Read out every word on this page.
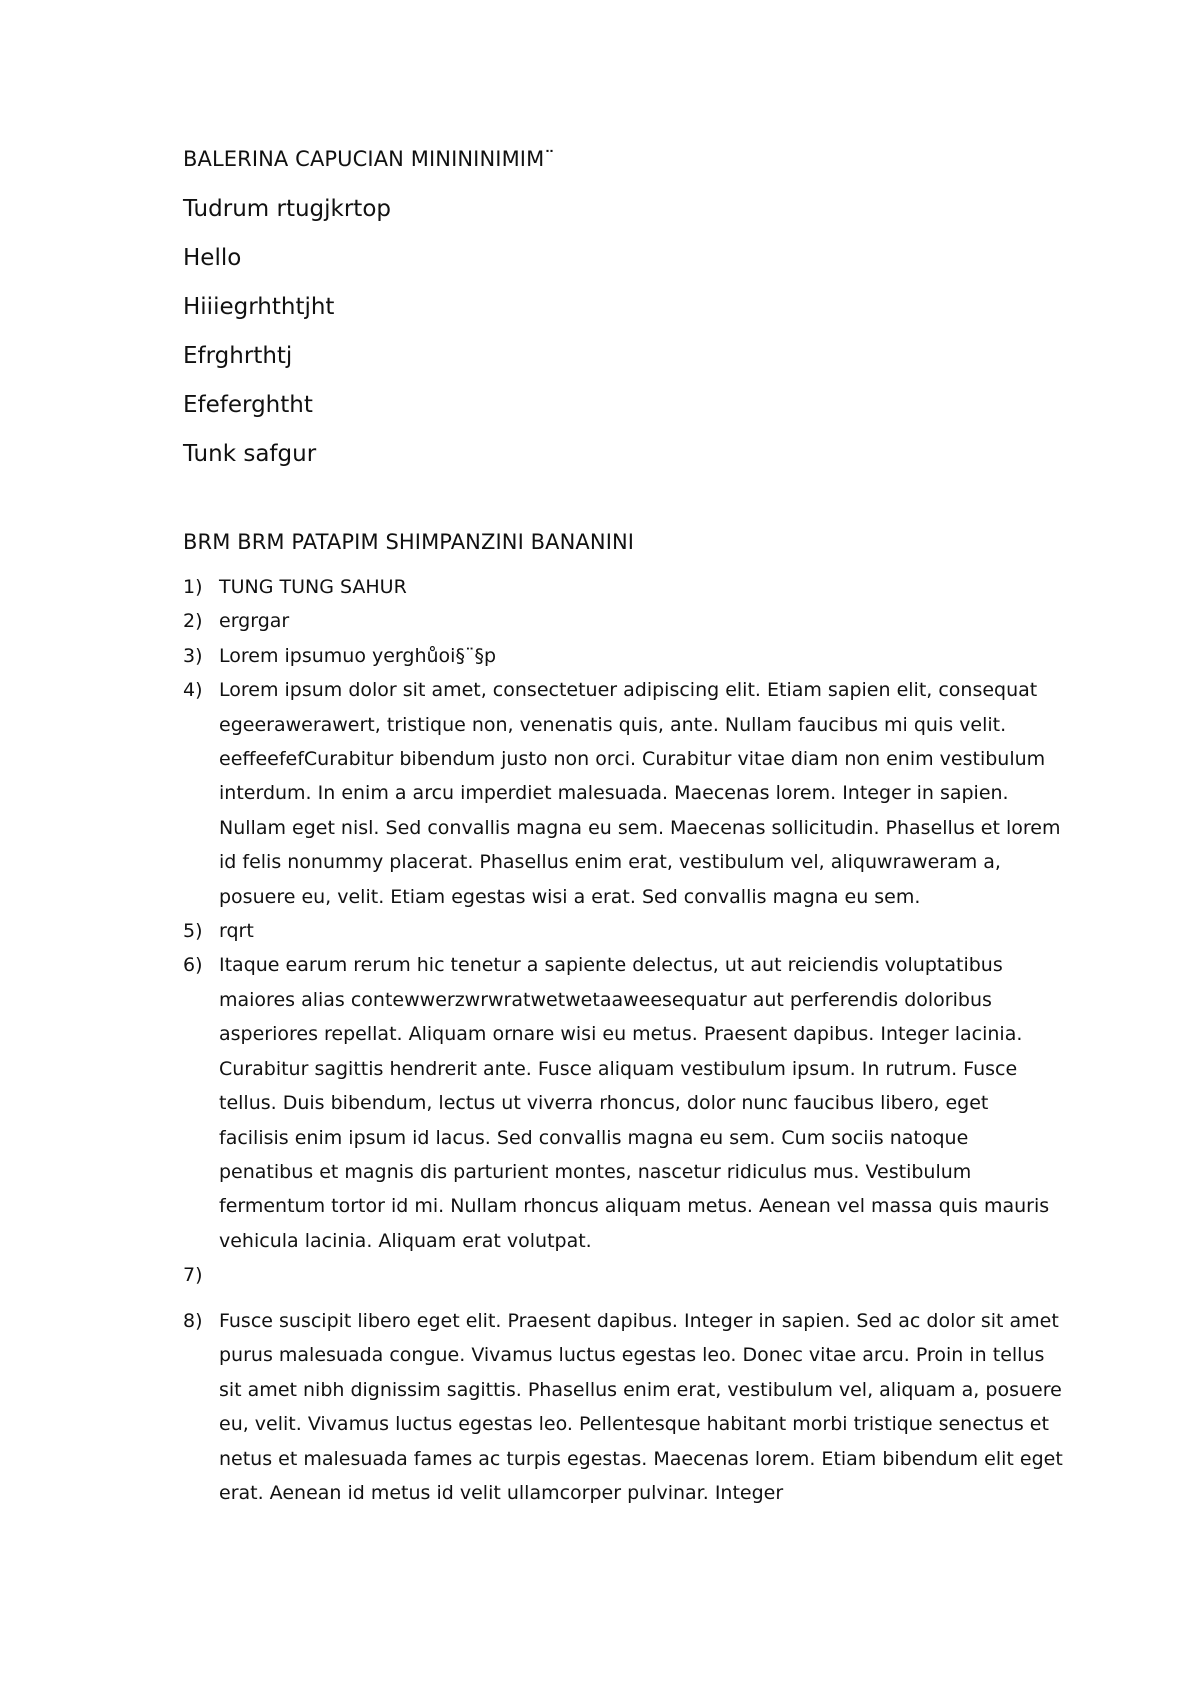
BALERINA CAPUCIAN MINININIMIM¨
Tudrum rtugjkrtop
Hello
Hiiiegrhthtjht
Efrghrthtj
Efeferghtht
Tunk safgur
BRM BRM PATAPIM SHIMPANZINI BANANINI
1) TUNG TUNG SAHUR
2) ergrgar
3) Lorem ipsumuo yerghůoi§¨§p
4) Lorem ipsum dolor sit amet, consectetuer adipiscing elit. Etiam sapien elit, consequat egeerawerawert, tristique non, venenatis quis, ante. Nullam faucibus mi quis velit. eeffeefefCurabitur bibendum justo non orci. Curabitur vitae diam non enim vestibulum interdum. In enim a arcu imperdiet malesuada. Maecenas lorem. Integer in sapien. Nullam eget nisl. Sed convallis magna eu sem. Maecenas sollicitudin. Phasellus et lorem id felis nonummy placerat. Phasellus enim erat, vestibulum vel, aliquwraweram a, posuere eu, velit. Etiam egestas wisi a erat. Sed convallis magna eu sem.
5) rqrt
6) Itaque earum rerum hic tenetur a sapiente delectus, ut aut reiciendis voluptatibus maiores alias contewwerzwrwratwetwetaaweesequatur aut perferendis doloribus asperiores repellat. Aliquam ornare wisi eu metus. Praesent dapibus. Integer lacinia. Curabitur sagittis hendrerit ante. Fusce aliquam vestibulum ipsum. In rutrum. Fusce tellus. Duis bibendum, lectus ut viverra rhoncus, dolor nunc faucibus libero, eget facilisis enim ipsum id lacus. Sed convallis magna eu sem. Cum sociis natoque penatibus et magnis dis parturient montes, nascetur ridiculus mus. Vestibulum fermentum tortor id mi. Nullam rhoncus aliquam metus. Aenean vel massa quis mauris vehicula lacinia. Aliquam erat volutpat.
7)
8) Fusce suscipit libero eget elit. Praesent dapibus. Integer in sapien. Sed ac dolor sit amet purus malesuada congue. Vivamus luctus egestas leo. Donec vitae arcu. Proin in tellus sit amet nibh dignissim sagittis. Phasellus enim erat, vestibulum vel, aliquam a, posuere eu, velit. Vivamus luctus egestas leo. Pellentesque habitant morbi tristique senectus et netus et malesuada fames ac turpis egestas. Maecenas lorem. Etiam bibendum elit eget erat. Aenean id metus id velit ullamcorper pulvinar. Integer
